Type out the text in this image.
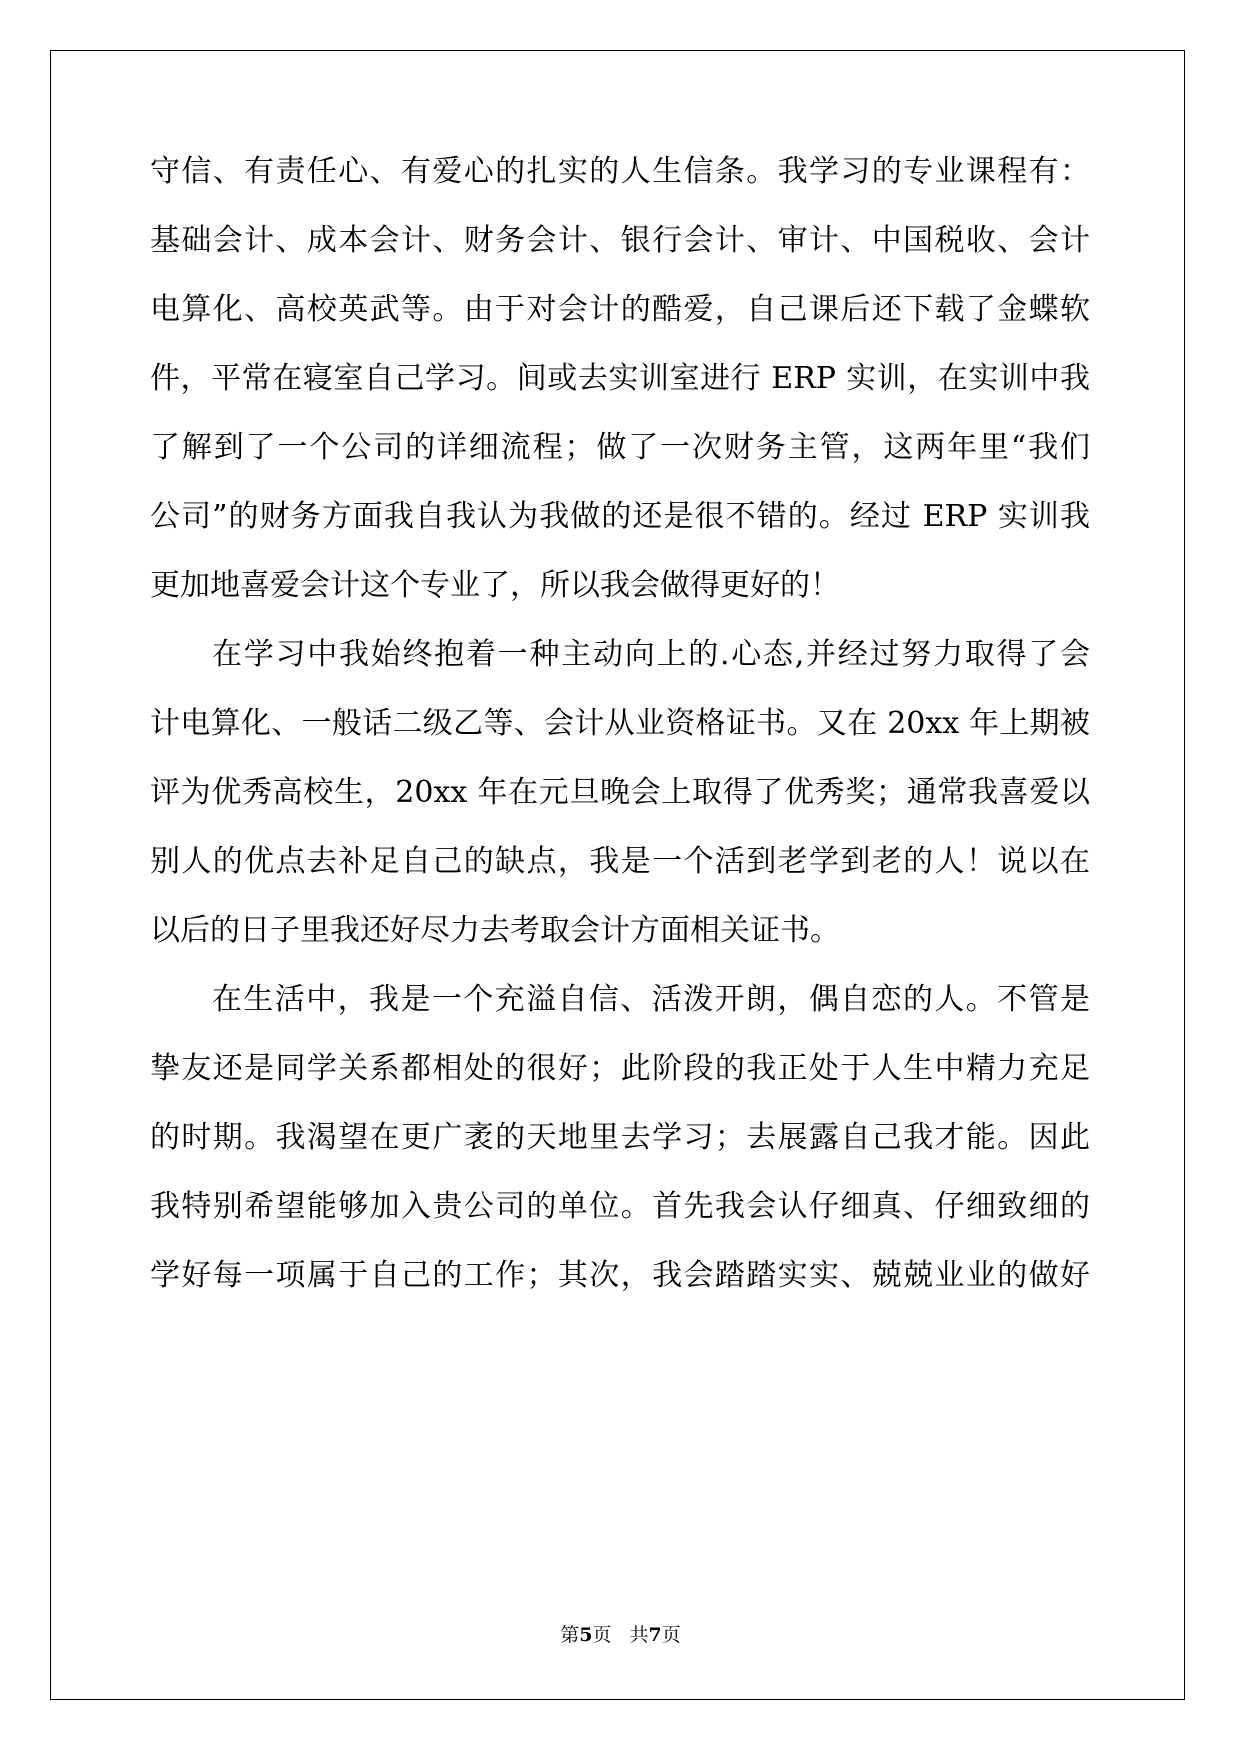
守信、有责任心、有爱心的扎实的人生信条。我学习的专业课程有：
基础会计、成本会计、财务会计、银行会计、审计、中国税收、会计
电算化、高校英武等。由于对会计的酷爱，自己课后还下载了金蝶软
件，平常在寝室自己学习。间或去实训室进行 ERP 实训，在实训中我
了解到了一个公司的详细流程；做了一次财务主管，这两年里“我们
公司”的财务方面我自我认为我做的还是很不错的。经过 ERP 实训我
更加地喜爱会计这个专业了，所以我会做得更好的！
在学习中我始终抱着一种主动向上的.心态,并经过努力取得了会
计电算化、一般话二级乙等、会计从业资格证书。又在 20xx 年上期被
评为优秀高校生，20xx 年在元旦晚会上取得了优秀奖；通常我喜爱以
别人的优点去补足自己的缺点，我是一个活到老学到老的人！说以在
以后的日子里我还好尽力去考取会计方面相关证书。
在生活中，我是一个充溢自信、活泼开朗，偶自恋的人。不管是
挚友还是同学关系都相处的很好；此阶段的我正处于人生中精力充足
的时期。我渴望在更广袤的天地里去学习；去展露自己我才能。因此
我特别希望能够加入贵公司的单位。首先我会认仔细真、仔细致细的
学好每一项属于自己的工作；其次，我会踏踏实实、兢兢业业的做好
第5页 共7页
